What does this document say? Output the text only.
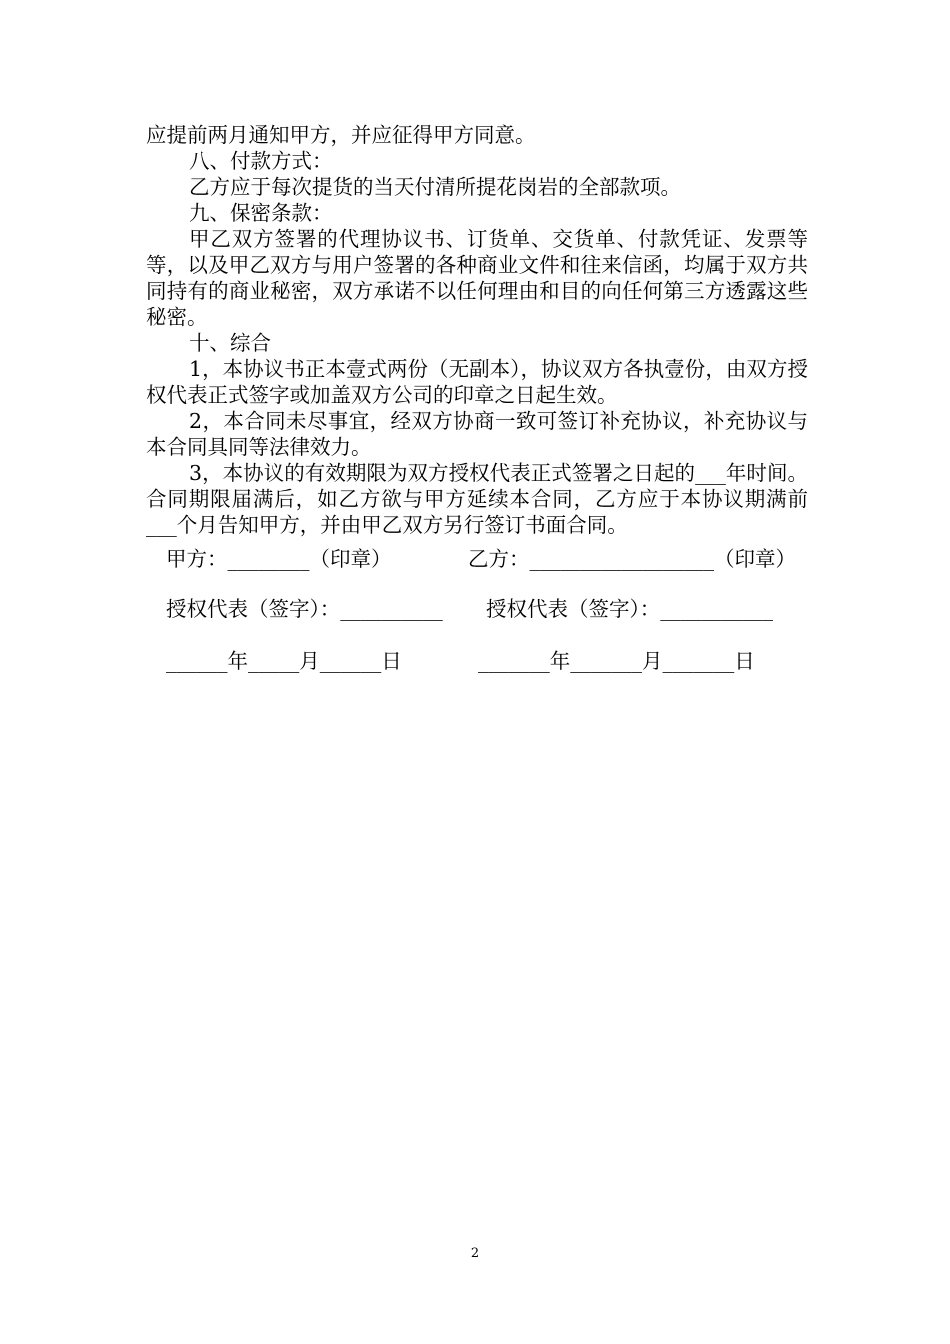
应提前两月通知甲方，并应征得甲方同意。

八、付款方式：

乙方应于每次提货的当天付清所提花岗岩的全部款项。

九、保密条款：

甲乙双方签署的代理协议书、订货单、交货单、付款凭证、发票等等，以及甲乙双方与用户签署的各种商业文件和往来信函，均属于双方共同持有的商业秘密，双方承诺不以任何理由和目的向任何第三方透露这些秘密。

十、综合

1，本协议书正本壹式两份（无副本），协议双方各执壹份，由双方授权代表正式签字或加盖双方公司的印章之日起生效。

2，本合同未尽事宜，经双方协商一致可签订补充协议，补充协议与本合同具同等法律效力。

3，本协议的有效期限为双方授权代表正式签署之日起的___年时间。合同期限届满后，如乙方欲与甲方延续本合同，乙方应于本协议期满前___个月告知甲方，并由甲乙双方另行签订书面合同。

甲方：________（印章）

	乙方：__________________（印章）

授权代表（签字）：__________

授权代表（签字）：___________

______年_____月______日

	_______年_______月_______日

2
